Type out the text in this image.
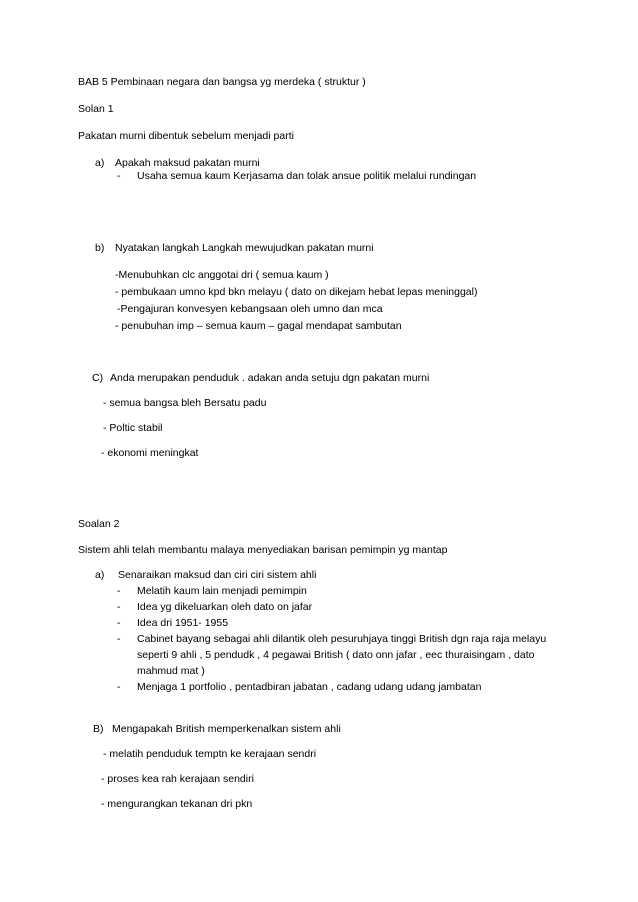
BAB 5 Pembinaan negara dan bangsa yg merdeka ( struktur )
Solan 1
Pakatan murni dibentuk sebelum menjadi parti
a) Apakah maksud pakatan murni
- Usaha semua kaum Kerjasama dan tolak ansue politik melalui rundingan
b) Nyatakan langkah Langkah mewujudkan pakatan murni
-Menubuhkan clc anggotai dri ( semua kaum )
- pembukaan umno kpd bkn melayu ( dato on dikejam hebat lepas meninggal)
-Pengajuran konvesyen kebangsaan oleh umno dan mca
- penubuhan imp – semua kaum – gagal mendapat sambutan
C) Anda merupakan penduduk . adakan anda setuju dgn pakatan murni
- semua bangsa bleh Bersatu padu
- Poltic stabil
- ekonomi meningkat
Soalan 2
Sistem ahli telah membantu malaya menyediakan barisan pemimpin yg mantap
a) Senaraikan maksud dan ciri ciri sistem ahli
- Melatih kaum lain menjadi pemimpin
- Idea yg dikeluarkan oleh dato on jafar
- Idea dri 1951- 1955
- Cabinet bayang sebagai ahli dilantik oleh pesuruhjaya tinggi British dgn raja raja melayu
seperti 9 ahli , 5 pendudk , 4 pegawai British ( dato onn jafar , eec thuraisingam , dato
mahmud mat )
- Menjaga 1 portfolio , pentadbiran jabatan , cadang udang udang jambatan
B) Mengapakah British memperkenalkan sistem ahli
- melatih penduduk temptn ke kerajaan sendri
- proses kea rah kerajaan sendiri
- mengurangkan tekanan dri pkn
